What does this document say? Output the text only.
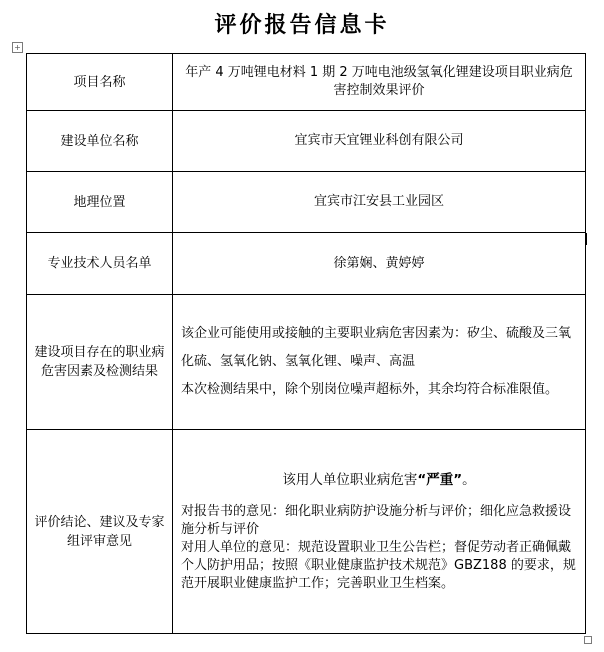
评价报告信息卡
+
项目名称	年产 4 万吨锂电材料 1 期 2 万吨电池级氢氧化锂建设项目职业病危害控制效果评价
建设单位名称	宜宾市天宜锂业科创有限公司
地理位置	宜宾市江安县工业园区
专业技术人员名单	徐第娴、黄婷婷
建设项目存在的职业病危害因素及检测结果	该企业可能使用或接触的主要职业病危害因素为：矽尘、硫酸及三氧化硫、氢氧化钠、氢氧化锂、噪声、高温

本次检测结果中，除个别岗位噪声超标外，其余均符合标准限值。

评价结论、建议及专家组评审意见	该用人单位职业病危害“严重”。

对报告书的意见：细化职业病防护设施分析与评价；细化应急救援设施分析与评价

对用人单位的意见：规范设置职业卫生公告栏；督促劳动者正确佩戴个人防护用品；按照《职业健康监护技术规范》GBZ188 的要求，规范开展职业健康监护工作；完善职业卫生档案。
